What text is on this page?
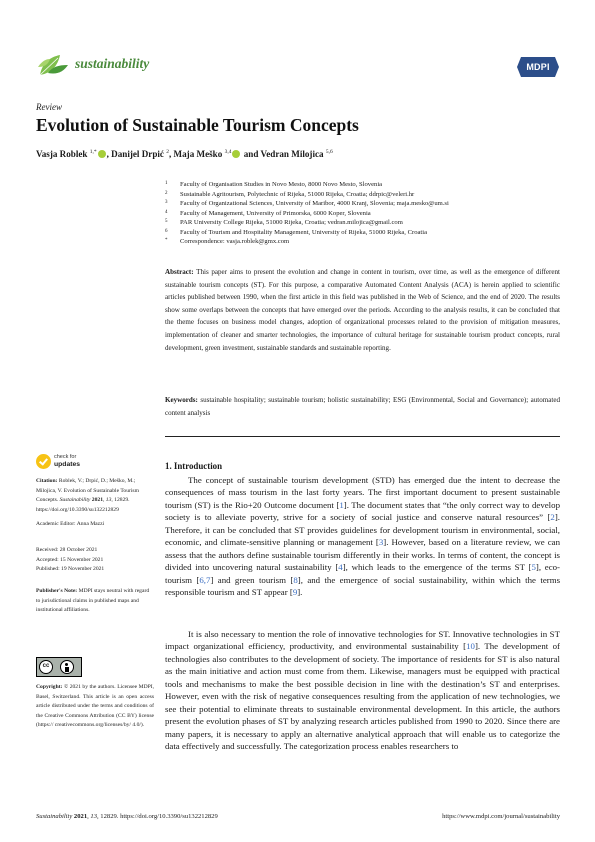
sustainability	MDPI
Review
Evolution of Sustainable Tourism Concepts
Vasja Roblek $^{1,*}$ , Danijel Drpić $^2$, Maja Meško $^{3,4}$ and Vedran Milojica $^{5,6}$
1 Faculty of Organisation Studies in Novo Mesto, 8000 Novo Mesto, Slovenia
2 Sustainable Agritourism, Polytechnic of Rijeka, 51000 Rijeka, Croatia; ddrpic@veleri.hr
3 Faculty of Organizational Sciences, University of Maribor, 4000 Kranj, Slovenia; maja.mesko@um.si
4 Faculty of Management, University of Primorska, 6000 Koper, Slovenia
5 PAR University College Rijeka, 51000 Rijeka, Croatia; vedran.milojica@gmail.com
6 Faculty of Tourism and Hospitality Management, University of Rijeka, 51000 Rijeka, Croatia
* Correspondence: vasja.roblek@gmx.com
Abstract: This paper aims to present the evolution and change in content in tourism, over time, as well as the emergence of different sustainable tourism concepts (ST). For this purpose, a comparative Automated Content Analysis (ACA) is herein applied to scientific articles published between 1990, when the first article in this field was published in the Web of Science, and the end of 2020. The results show some overlaps between the concepts that have emerged over the periods. According to the analysis results, it can be concluded that the theme focuses on business model changes, adoption of organizational processes related to the provision of mitigation measures, implementation of cleaner and smarter technologies, the importance of cultural heritage for sustainable tourism product concepts, rural development, green investment, sustainable standards and sustainable reporting.
Keywords: sustainable hospitality; sustainable tourism; holistic sustainability; ESG (Environmental, Social and Governance); automated content analysis
check for
updates
Citation: Roblek, V.; Drpić, D.; Meško, M.; Milojica, V. Evolution of Sustainable Tourism Concepts. Sustainability 2021, 13, 12829. https://doi.org/10.3390/su132212829
Academic Editor: Anna Mazzi
Received: 28 October 2021
Accepted: 15 November 2021
Published: 19 November 2021
Publisher's Note: MDPI stays neutral with regard to jurisdictional claims in published maps and institutional affiliations.
cc
Copyright: © 2021 by the authors. Licensee MDPI, Basel, Switzerland. This article is an open access article distributed under the terms and conditions of the Creative Commons Attribution (CC BY) license (https:// creativecommons.org/licenses/by/ 4.0/).
1. Introduction

The concept of sustainable tourism development (STD) has emerged due the intent to decrease the consequences of mass tourism in the last forty years. The first important document to present sustainable tourism (ST) is the Rio+20 Outcome document [1]. The document states that “the only correct way to develop society is to alleviate poverty, strive for a society of social justice and conserve natural resources” [2]. Therefore, it can be concluded that ST provides guidelines for development tourism in environmental, social, economic, and climate-sensitive planning or management [3]. However, based on a literature review, we can assess that the authors define sustainable tourism differently in their works. In terms of content, the concept is divided into uncovering natural sustainability [4], which leads to the emergence of the terms ST [5], eco-tourism [6,7] and green tourism [8], and the emergence of social sustainability, within which the terms responsible tourism and ST appear [9].

It is also necessary to mention the role of innovative technologies for ST. Innovative technologies in ST impact organizational efficiency, productivity, and environmental sustainability [10]. The development of technologies also contributes to the development of society. The importance of residents for ST is also natural as the main initiative and action must come from them. Likewise, managers must be equipped with practical tools and mechanisms to make the best possible decision in line with the destination’s ST and enterprises. However, even with the risk of negative consequences resulting from the application of new technologies, we see their potential to eliminate threats to sustainable environmental development. In this article, the authors present the evolution phases of ST by analyzing research articles published from 1990 to 2020. Since there are many papers, it is necessary to apply an alternative analytical approach that will enable us to categorize the data effectively and successfully. The categorization process enables researchers to

Sustainability 2021, 13, 12829. https://doi.org/10.3390/su132212829	https://www.mdpi.com/journal/sustainability
